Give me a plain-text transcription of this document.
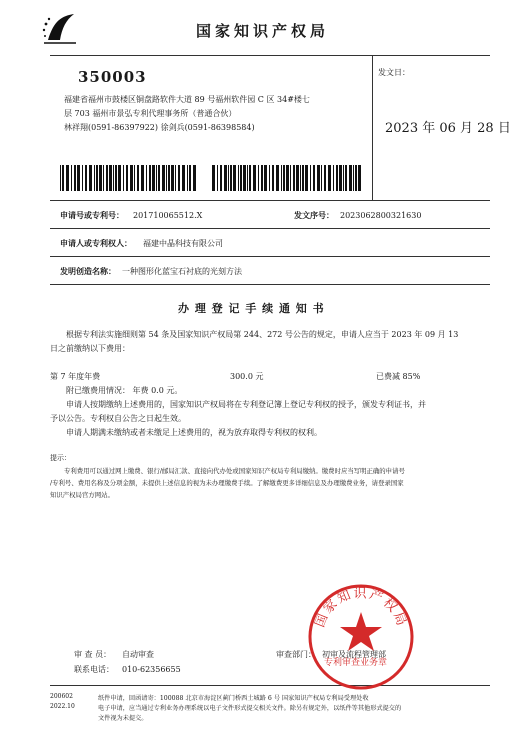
国家知识产权局
350003
福建省福州市鼓楼区铜盘路软件大道 89 号福州软件园 C 区 34#楼七
层 703 福州市景弘专利代理事务所（普通合伙）
林祥翔(0591-86397922) 徐剑兵(0591-86398584)
发文日：
2023 年 06 月 28 日
申请号或专利号： 201710065512.X	发文序号： 2023062800321630
申请人或专利权人： 福建中晶科技有限公司
发明创造名称： 一种图形化蓝宝石衬底的光刻方法
办 理 登 记 手 续 通 知 书
根据专利法实施细则第 54 条及国家知识产权局第 244、272 号公告的规定，申请人应当于 2023 年 09 月 13
日之前缴纳以下费用：
第 7 年度年费	300.0 元	已费减 85%
附已缴费用情况： 年费 0.0 元。
申请人按期缴纳上述费用的，国家知识产权局将在专利登记簿上登记专利权的授予，颁发专利证书，并
予以公告。专利权自公告之日起生效。
申请人期满未缴纳或者未缴足上述费用的，视为放弃取得专利权的权利。
提示：
专利费用可以通过网上缴费、银行/邮局汇款、直接向代办处或国家知识产权局专利局缴纳。缴费时应当写明正确的申请号
/专利号、费用名称及分项金额，未提供上述信息的视为未办理缴费手续。了解缴费更多详细信息及办理缴费业务，请登录国家
知识产权局官方网站。
国家知识产权局
专利审查业务章
审 查 员： 自动审查
联系电话： 010-62356655
审查部门： 初审及流程管理部
200602
2022.10
纸件申请，回函请寄：100088 北京市海淀区蓟门桥西土城路 6 号 国家知识产权局专利局受理处收
电子申请，应当通过专利业务办理系统以电子文件形式提交相关文件。除另有规定外，以纸件等其他形式提交的
文件视为未提交。
